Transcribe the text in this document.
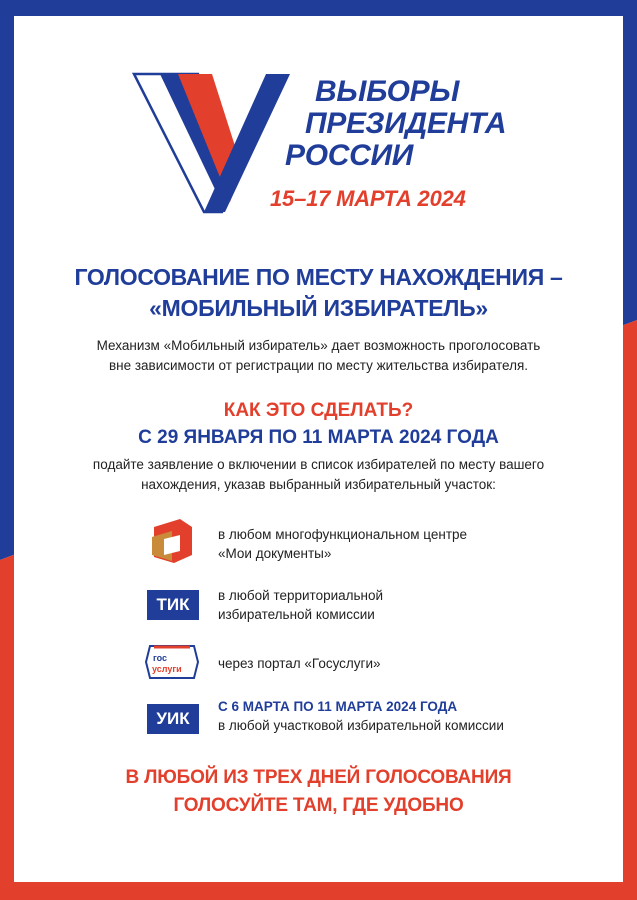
ВЫБОРЫ
ПРЕЗИДЕНТА
РОССИИ
15–17 МАРТА 2024
ГОЛОСОВАНИЕ ПО МЕСТУ НАХОЖДЕНИЯ –
«МОБИЛЬНЫЙ ИЗБИРАТЕЛЬ»
Механизм «Мобильный избиратель» дает возможность проголосовать
вне зависимости от регистрации по месту жительства избирателя.
КАК ЭТО СДЕЛАТЬ?
С 29 ЯНВАРЯ ПО 11 МАРТА 2024 ГОДА
подайте заявление о включении в список избирателей по месту вашего
нахождения, указав выбранный избирательный участок:
в любом многофункциональном центре
«Мои документы»
ТИК	в любой территориальной
избирательной комиссии
гос
услуги	через портал «Госуслуги»
УИК
С 6 МАРТА ПО 11 МАРТА 2024 ГОДА
в любой участковой избирательной комиссии
В ЛЮБОЙ ИЗ ТРЕХ ДНЕЙ ГОЛОСОВАНИЯ
ГОЛОСУЙТЕ ТАМ, ГДЕ УДОБНО
